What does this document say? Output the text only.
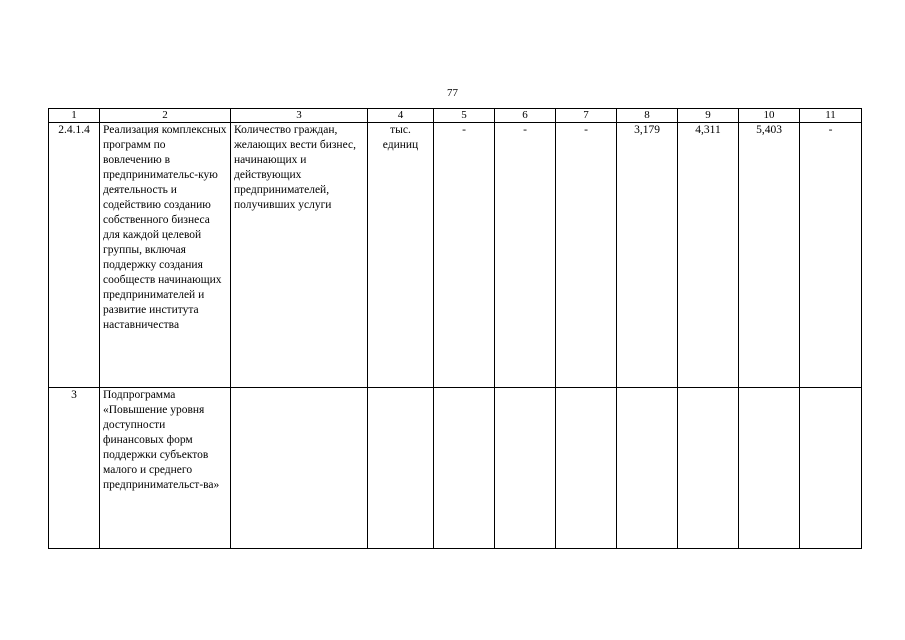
77
1	2	3	4	5	6	7	8	9	10	11
2.4.1.4	Реализация комплексных программ по вовлечению в предпринимательс-кую деятельность и содействию созданию собственного бизнеса для каждой целевой группы, включая поддержку создания сообществ начинающих предпринимателей и развитие института наставничества	Количество граждан, желающих вести бизнес, начинающих и действующих предпринимателей, получивших услуги	тыс. единиц	-	-	-	3,179	4,311	5,403	-
3	Подпрограмма «Повышение уровня доступности финансовых форм поддержки субъектов малого и среднего предпринимательст-ва»									
